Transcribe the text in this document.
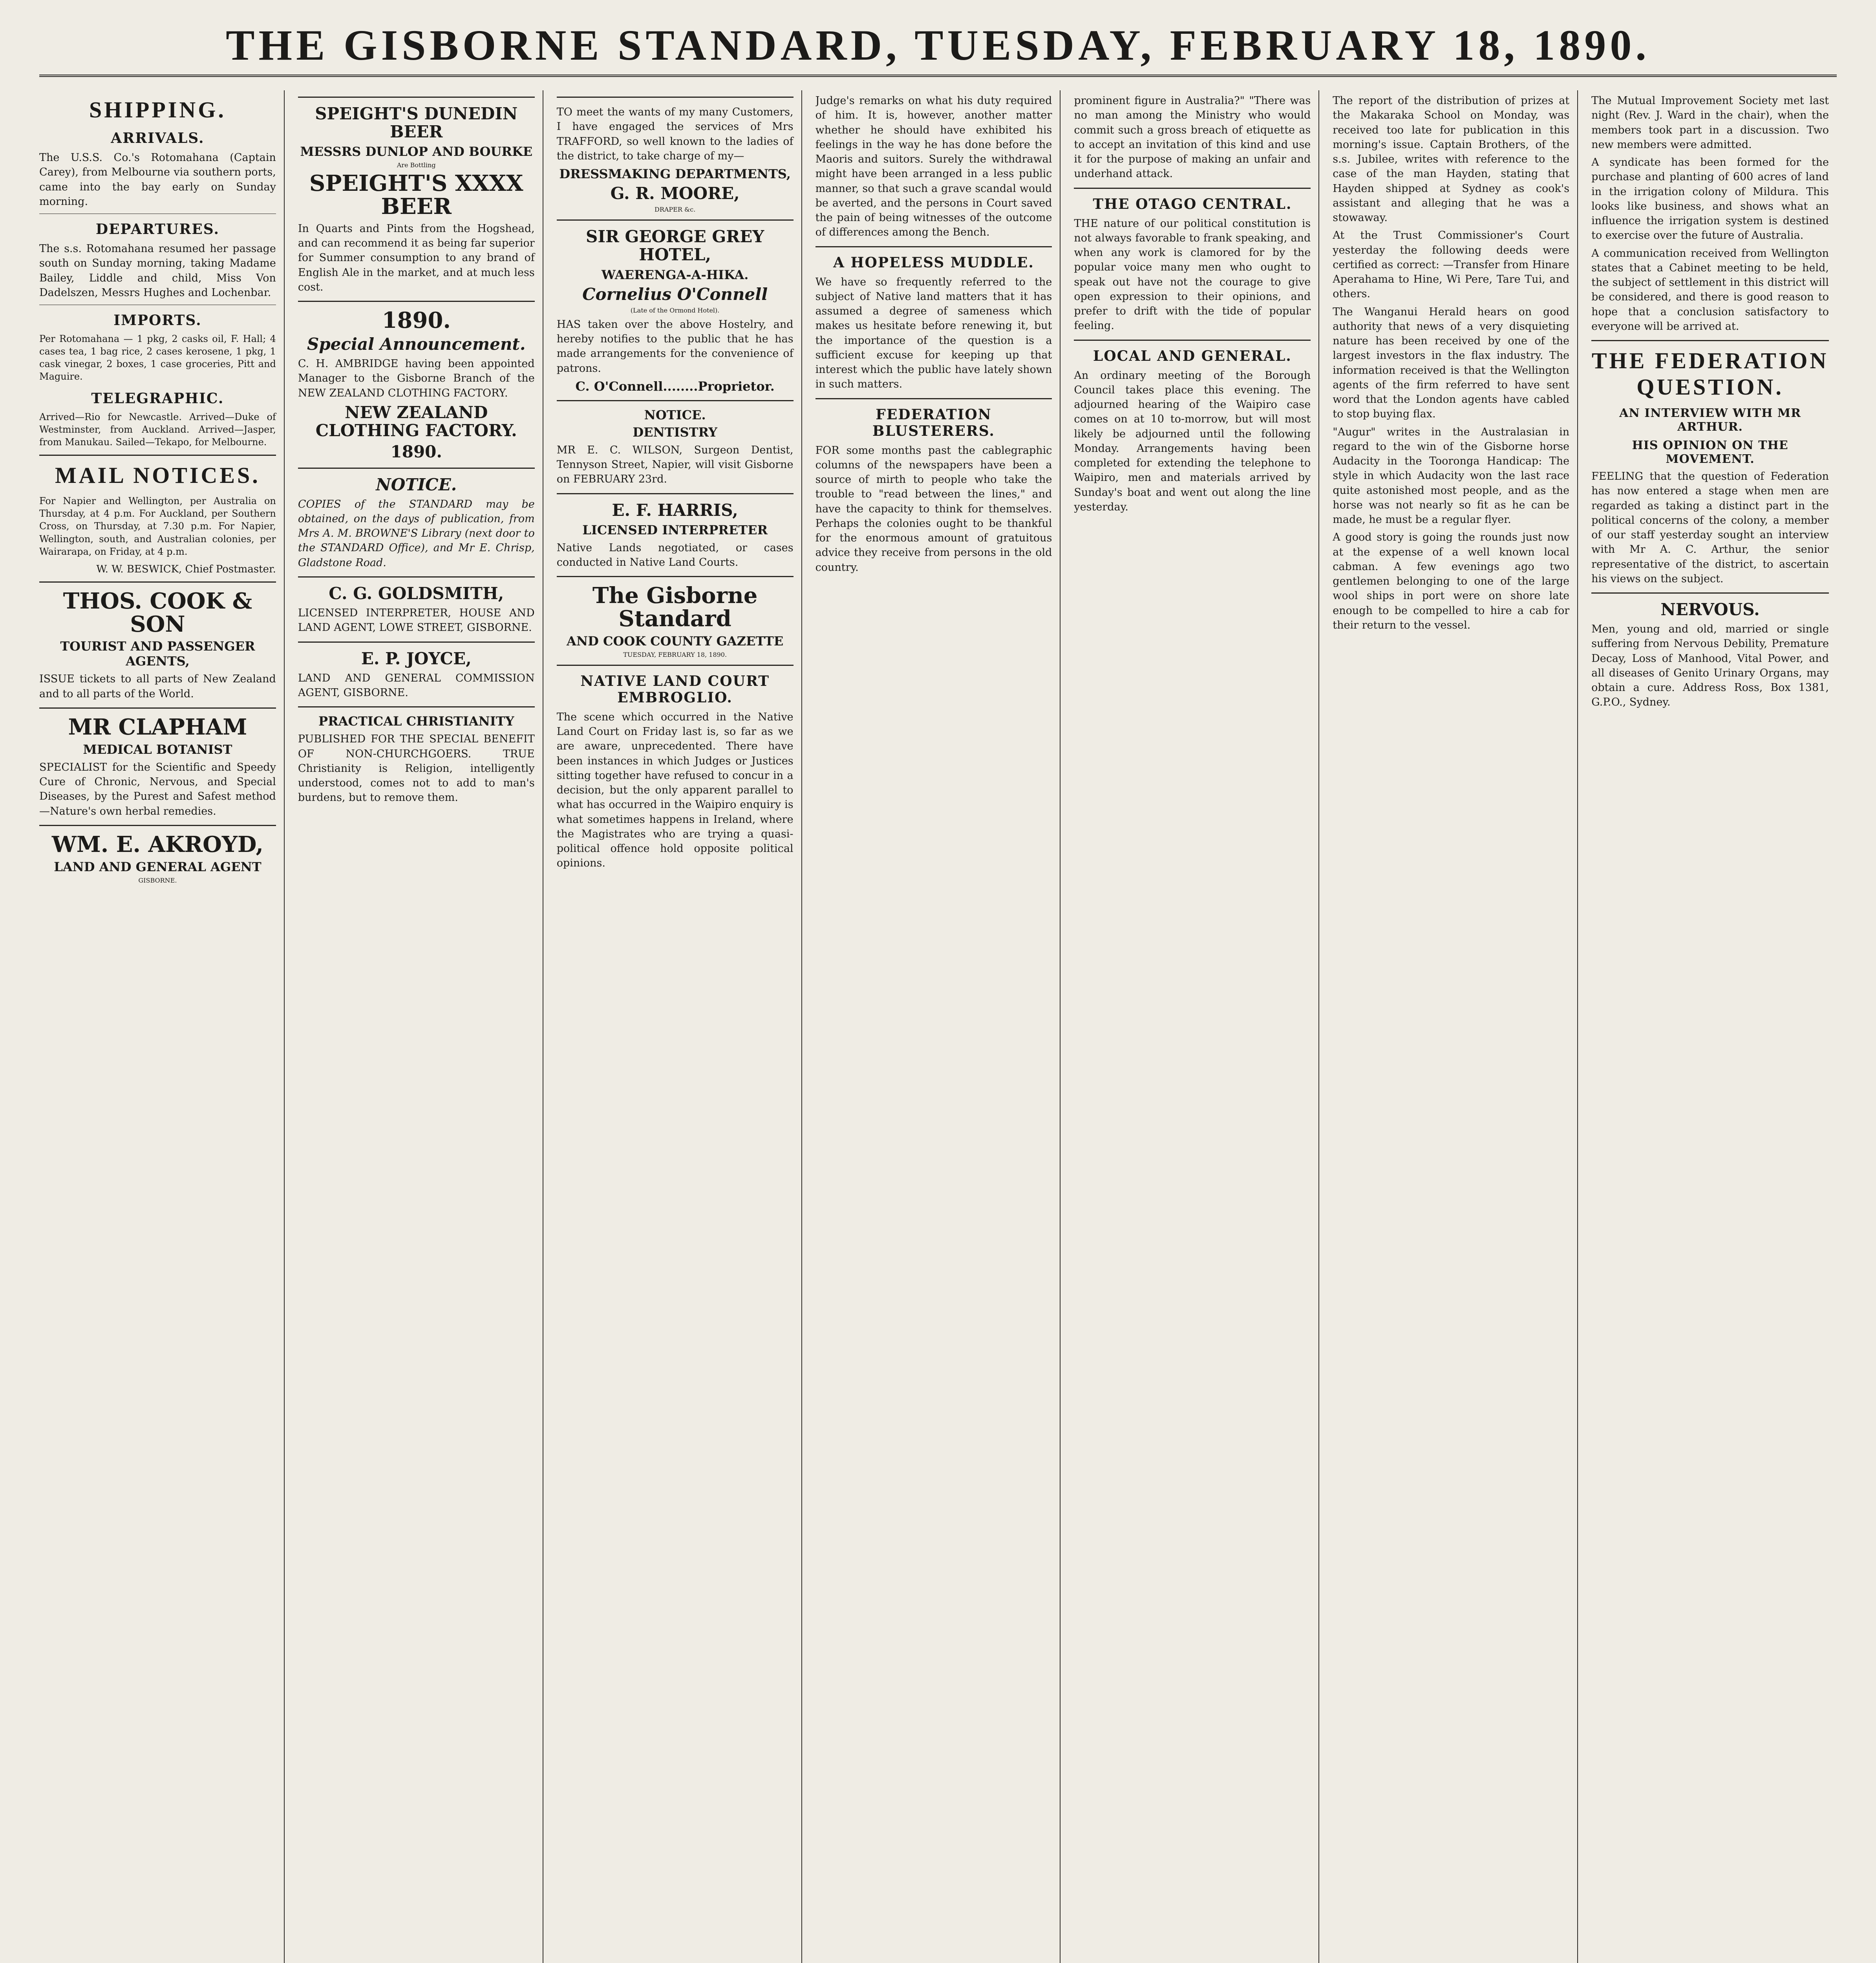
THE GISBORNE STANDARD, TUESDAY, FEBRUARY 18, 1890.
SHIPPING.
ARRIVALS.

The U.S.S. Co.'s Rotomahana (Captain Carey), from Melbourne via southern ports, came into the bay early on Sunday morning.

DEPARTURES.

The s.s. Rotomahana resumed her passage south on Sunday morning, taking Madame Bailey, Liddle and child, Miss Von Dadelszen, Messrs Hughes and Lochenbar.

IMPORTS.

Per Rotomahana — 1 pkg, 2 casks oil, F. Hall; 4 cases tea, 1 bag rice, 2 cases kerosene, 1 pkg, 1 cask vinegar, 2 boxes, 1 case groceries, Pitt and Maguire.

TELEGRAPHIC.

Arrived—Rio for Newcastle. Arrived—Duke of Westminster, from Auckland. Arrived—Jasper, from Manukau. Sailed—Tekapo, for Melbourne.

MAIL NOTICES.

For Napier and Wellington, per Australia on Thursday, at 4 p.m. For Auckland, per Southern Cross, on Thursday, at 7.30 p.m. For Napier, Wellington, south, and Australian colonies, per Wairarapa, on Friday, at 4 p.m.

W. W. BESWICK, Chief Postmaster.
THOS. COOK & SON
TOURIST AND PASSENGER AGENTS,

ISSUE tickets to all parts of New Zealand and to all parts of the World.

MR CLAPHAM
MEDICAL BOTANIST

SPECIALIST for the Scientific and Speedy Cure of Chronic, Nervous, and Special Diseases, by the Purest and Safest method—Nature's own herbal remedies.

WM. E. AKROYD,
LAND AND GENERAL AGENT
GISBORNE.
SPEIGHT'S DUNEDIN BEER
MESSRS DUNLOP AND BOURKE
Are Bottling
SPEIGHT'S XXXX BEER

In Quarts and Pints from the Hogshead, and can recommend it as being far superior for Summer consumption to any brand of English Ale in the market, and at much less cost.

1890.
Special Announcement.

C. H. AMBRIDGE having been appointed Manager to the Gisborne Branch of the NEW ZEALAND CLOTHING FACTORY.

NEW ZEALAND CLOTHING FACTORY.
1890.
NOTICE.

COPIES of the STANDARD may be obtained, on the days of publication, from Mrs A. M. BROWNE'S Library (next door to the STANDARD Office), and Mr E. Chrisp, Gladstone Road.

C. G. GOLDSMITH,

LICENSED INTERPRETER, HOUSE AND LAND AGENT, LOWE STREET, GISBORNE.

E. P. JOYCE,

LAND AND GENERAL COMMISSION AGENT, GISBORNE.

PRACTICAL CHRISTIANITY

PUBLISHED FOR THE SPECIAL BENEFIT OF NON-CHURCHGOERS. TRUE Christianity is Religion, intelligently understood, comes not to add to man's burdens, but to remove them.

TO meet the wants of my many Customers, I have engaged the services of Mrs TRAFFORD, so well known to the ladies of the district, to take charge of my—

DRESSMAKING DEPARTMENTS,
G. R. MOORE,
DRAPER &c.
SIR GEORGE GREY HOTEL,
WAERENGA-A-HIKA.
Cornelius O'Connell
(Late of the Ormond Hotel).

HAS taken over the above Hostelry, and hereby notifies to the public that he has made arrangements for the convenience of patrons.

C. O'Connell........Proprietor.
NOTICE.
DENTISTRY

MR E. C. WILSON, Surgeon Dentist, Tennyson Street, Napier, will visit Gisborne on FEBRUARY 23rd.

E. F. HARRIS,
LICENSED INTERPRETER

Native Lands negotiated, or cases conducted in Native Land Courts.

The Gisborne Standard
AND COOK COUNTY GAZETTE
TUESDAY, FEBRUARY 18, 1890.
NATIVE LAND COURT EMBROGLIO.

The scene which occurred in the Native Land Court on Friday last is, so far as we are aware, unprecedented. There have been instances in which Judges or Justices sitting together have refused to concur in a decision, but the only apparent parallel to what has occurred in the Waipiro enquiry is what sometimes happens in Ireland, where the Magistrates who are trying a quasi-political offence hold opposite political opinions.

Judge's remarks on what his duty required of him. It is, however, another matter whether he should have exhibited his feelings in the way he has done before the Maoris and suitors. Surely the withdrawal might have been arranged in a less public manner, so that such a grave scandal would be averted, and the persons in Court saved the pain of being witnesses of the outcome of differences among the Bench.

A HOPELESS MUDDLE.

We have so frequently referred to the subject of Native land matters that it has assumed a degree of sameness which makes us hesitate before renewing it, but the importance of the question is a sufficient excuse for keeping up that interest which the public have lately shown in such matters.

FEDERATION BLUSTERERS.

FOR some months past the cablegraphic columns of the newspapers have been a source of mirth to people who take the trouble to "read between the lines," and have the capacity to think for themselves. Perhaps the colonies ought to be thankful for the enormous amount of gratuitous advice they receive from persons in the old country.

prominent figure in Australia?" "There was no man among the Ministry who would commit such a gross breach of etiquette as to accept an invitation of this kind and use it for the purpose of making an unfair and underhand attack.

THE OTAGO CENTRAL.

THE nature of our political constitution is not always favorable to frank speaking, and when any work is clamored for by the popular voice many men who ought to speak out have not the courage to give open expression to their opinions, and prefer to drift with the tide of popular feeling.

LOCAL AND GENERAL.

An ordinary meeting of the Borough Council takes place this evening. The adjourned hearing of the Waipiro case comes on at 10 to-morrow, but will most likely be adjourned until the following Monday. Arrangements having been completed for extending the telephone to Waipiro, men and materials arrived by Sunday's boat and went out along the line yesterday.

The report of the distribution of prizes at the Makaraka School on Monday, was received too late for publication in this morning's issue. Captain Brothers, of the s.s. Jubilee, writes with reference to the case of the man Hayden, stating that Hayden shipped at Sydney as cook's assistant and alleging that he was a stowaway.

At the Trust Commissioner's Court yesterday the following deeds were certified as correct: —Transfer from Hinare Aperahama to Hine, Wi Pere, Tare Tui, and others.

The Wanganui Herald hears on good authority that news of a very disquieting nature has been received by one of the largest investors in the flax industry. The information received is that the Wellington agents of the firm referred to have sent word that the London agents have cabled to stop buying flax.

"Augur" writes in the Australasian in regard to the win of the Gisborne horse Audacity in the Tooronga Handicap: The style in which Audacity won the last race quite astonished most people, and as the horse was not nearly so fit as he can be made, he must be a regular flyer.

A good story is going the rounds just now at the expense of a well known local cabman. A few evenings ago two gentlemen belonging to one of the large wool ships in port were on shore late enough to be compelled to hire a cab for their return to the vessel.

The Mutual Improvement Society met last night (Rev. J. Ward in the chair), when the members took part in a discussion. Two new members were admitted.

A syndicate has been formed for the purchase and planting of 600 acres of land in the irrigation colony of Mildura. This looks like business, and shows what an influence the irrigation system is destined to exercise over the future of Australia.

A communication received from Wellington states that a Cabinet meeting to be held, the subject of settlement in this district will be considered, and there is good reason to hope that a conclusion satisfactory to everyone will be arrived at.

THE FEDERATION QUESTION.
AN INTERVIEW WITH MR ARTHUR.
HIS OPINION ON THE MOVEMENT.

FEELING that the question of Federation has now entered a stage when men are regarded as taking a distinct part in the political concerns of the colony, a member of our staff yesterday sought an interview with Mr A. C. Arthur, the senior representative of the district, to ascertain his views on the subject.

NERVOUS.

Men, young and old, married or single suffering from Nervous Debility, Premature Decay, Loss of Manhood, Vital Power, and all diseases of Genito Urinary Organs, may obtain a cure. Address Ross, Box 1381, G.P.O., Sydney.
